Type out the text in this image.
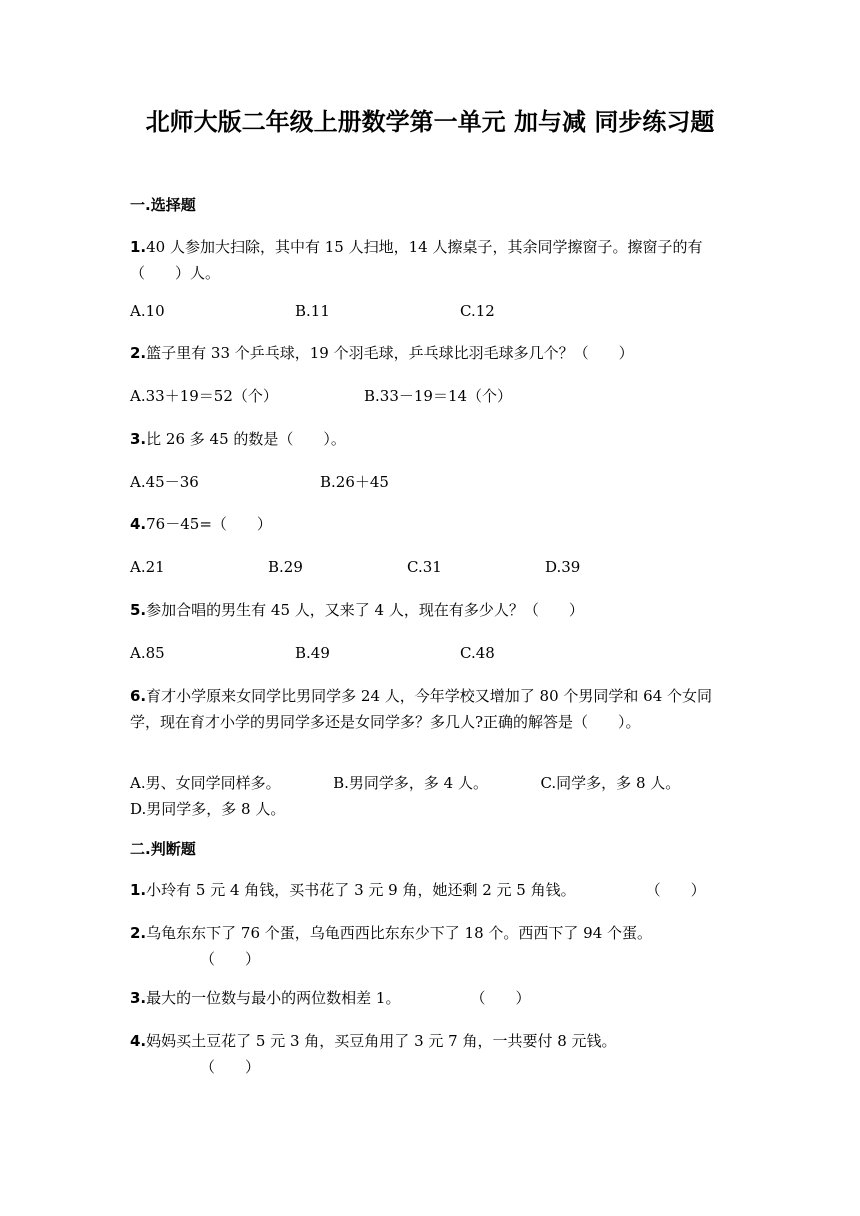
北师大版二年级上册数学第一单元 加与减 同步练习题
一.选择题
1.40 人参加大扫除，其中有 15 人扫地，14 人擦桌子，其余同学擦窗子。擦窗子的有（　　）人。
A.10	B.11	C.12
2.篮子里有 33 个乒乓球，19 个羽毛球，乒乓球比羽毛球多几个？（　　）
A.33＋19＝52（个）	B.33－19＝14（个）
3.比 26 多 45 的数是（　　）。
A.45－36	B.26＋45
4.76－45=（　　）
A.21	B.29	C.31	D.39
5.参加合唱的男生有 45 人，又来了 4 人，现在有多少人？（　　）
A.85	B.49	C.48
6.育才小学原来女同学比男同学多 24 人，今年学校又增加了 80 个男同学和 64 个女同学，现在育才小学的男同学多还是女同学多？多几人?正确的解答是（　　）。
A.男、女同学同样多。　　　　B.男同学多，多 4 人。　　　　C.同学多，多 8 人。　　　　D.男同学多，多 8 人。
二.判断题
1.小玲有 5 元 4 角钱，买书花了 3 元 9 角，她还剩 2 元 5 角钱。	（　　）
2.乌龟东东下了 76 个蛋，乌龟西西比东东少下了 18 个。西西下了 94 个蛋。（　　）
3.最大的一位数与最小的两位数相差 1。	（　　）
4.妈妈买土豆花了 5 元 3 角，买豆角用了 3 元 7 角，一共要付 8 元钱。（　　）
